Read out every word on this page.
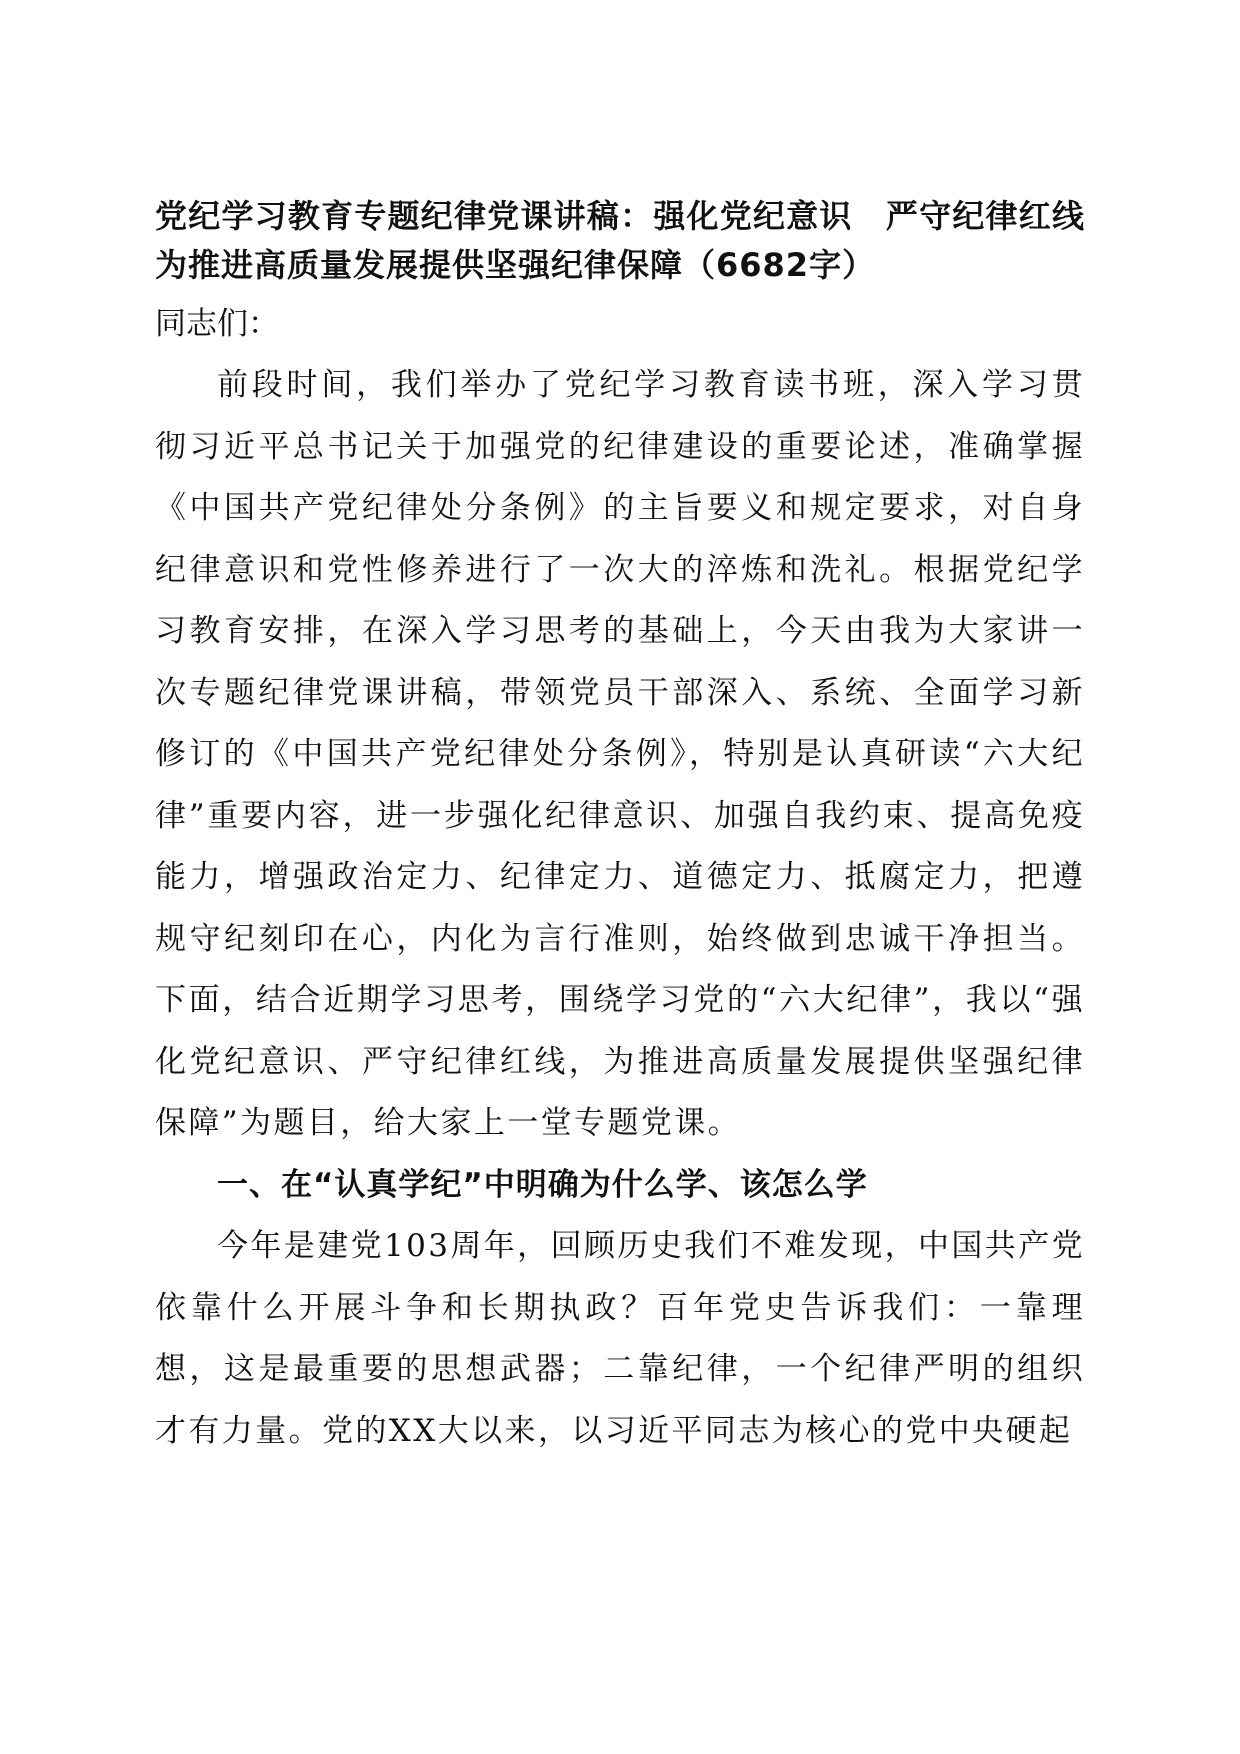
党纪学习教育专题纪律党课讲稿：强化党纪意识　严守纪律红线 为推进高质量发展提供坚强纪律保障（6682字）

同志们：

前段时间，我们举办了党纪学习教育读书班，深入学习贯彻习近平总书记关于加强党的纪律建设的重要论述，准确掌握《中国共产党纪律处分条例》的主旨要义和规定要求，对自身纪律意识和党性修养进行了一次大的淬炼和洗礼。根据党纪学习教育安排，在深入学习思考的基础上，今天由我为大家讲一次专题纪律党课讲稿，带领党员干部深入、系统、全面学习新修订的《中国共产党纪律处分条例》，特别是认真研读“六大纪律”重要内容，进一步强化纪律意识、加强自我约束、提高免疫能力，增强政治定力、纪律定力、道德定力、抵腐定力，把遵规守纪刻印在心，内化为言行准则，始终做到忠诚干净担当。下面，结合近期学习思考，围绕学习党的“六大纪律”，我以“强化党纪意识、严守纪律红线，为推进高质量发展提供坚强纪律保障”为题目，给大家上一堂专题党课。

一、在“认真学纪”中明确为什么学、该怎么学

今年是建党103周年，回顾历史我们不难发现，中国共产党依靠什么开展斗争和长期执政？百年党史告诉我们：一靠理想，这是最重要的思想武器；二靠纪律，一个纪律严明的组织才有力量。党的XX大以来，以习近平同志为核心的党中央硬起
